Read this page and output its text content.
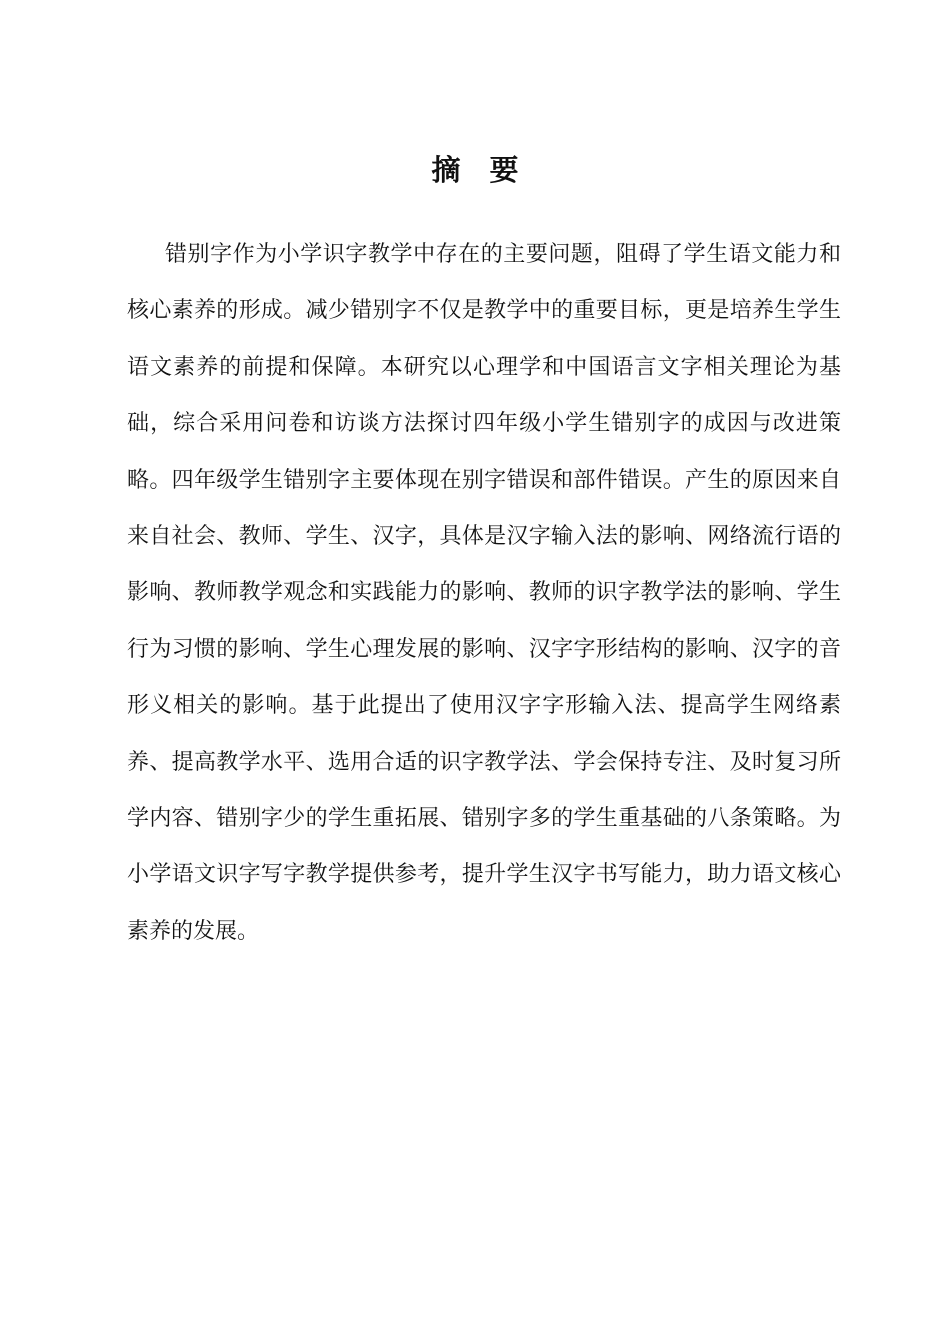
摘　要

错别字作为小学识字教学中存在的主要问题，阻碍了学生语文能力和核心素养的形成。减少错别字不仅是教学中的重要目标，更是培养生学生语文素养的前提和保障。本研究以心理学和中国语言文字相关理论为基础，综合采用问卷和访谈方法探讨四年级小学生错别字的成因与改进策略。四年级学生错别字主要体现在别字错误和部件错误。产生的原因来自来自社会、教师、学生、汉字，具体是汉字输入法的影响、网络流行语的影响、教师教学观念和实践能力的影响、教师的识字教学法的影响、学生行为习惯的影响、学生心理发展的影响、汉字字形结构的影响、汉字的音形义相关的影响。基于此提出了使用汉字字形输入法、提高学生网络素养、提高教学水平、选用合适的识字教学法、学会保持专注、及时复习所学内容、错别字少的学生重拓展、错别字多的学生重基础的八条策略。为小学语文识字写字教学提供参考，提升学生汉字书写能力，助力语文核心素养的发展。
